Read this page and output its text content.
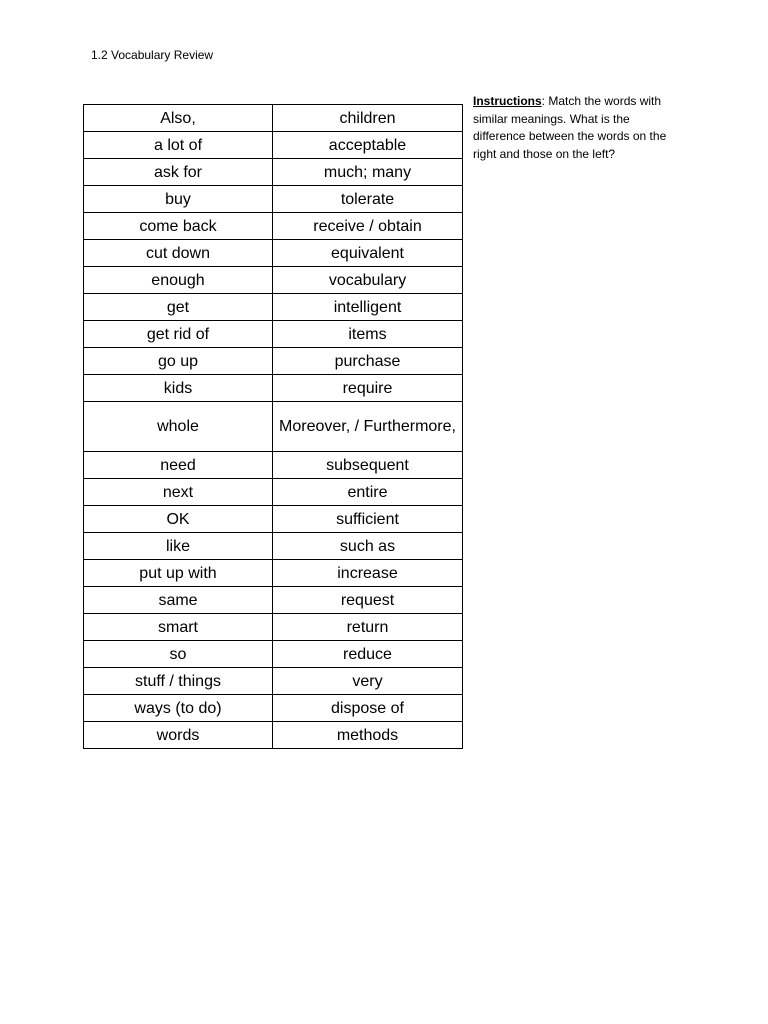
1.2 Vocabulary Review
Also,	children
a lot of	acceptable
ask for	much; many
buy	tolerate
come back	receive / obtain
cut down	equivalent
enough	vocabulary
get	intelligent
get rid of	items
go up	purchase
kids	require
whole	Moreover, / Furthermore,
need	subsequent
next	entire
OK	sufficient
like	such as
put up with	increase
same	request
smart	return
so	reduce
stuff / things	very
ways (to do)	dispose of
words	methods
Instructions: Match the words with similar meanings. What is the difference between the words on the right and those on the left?
